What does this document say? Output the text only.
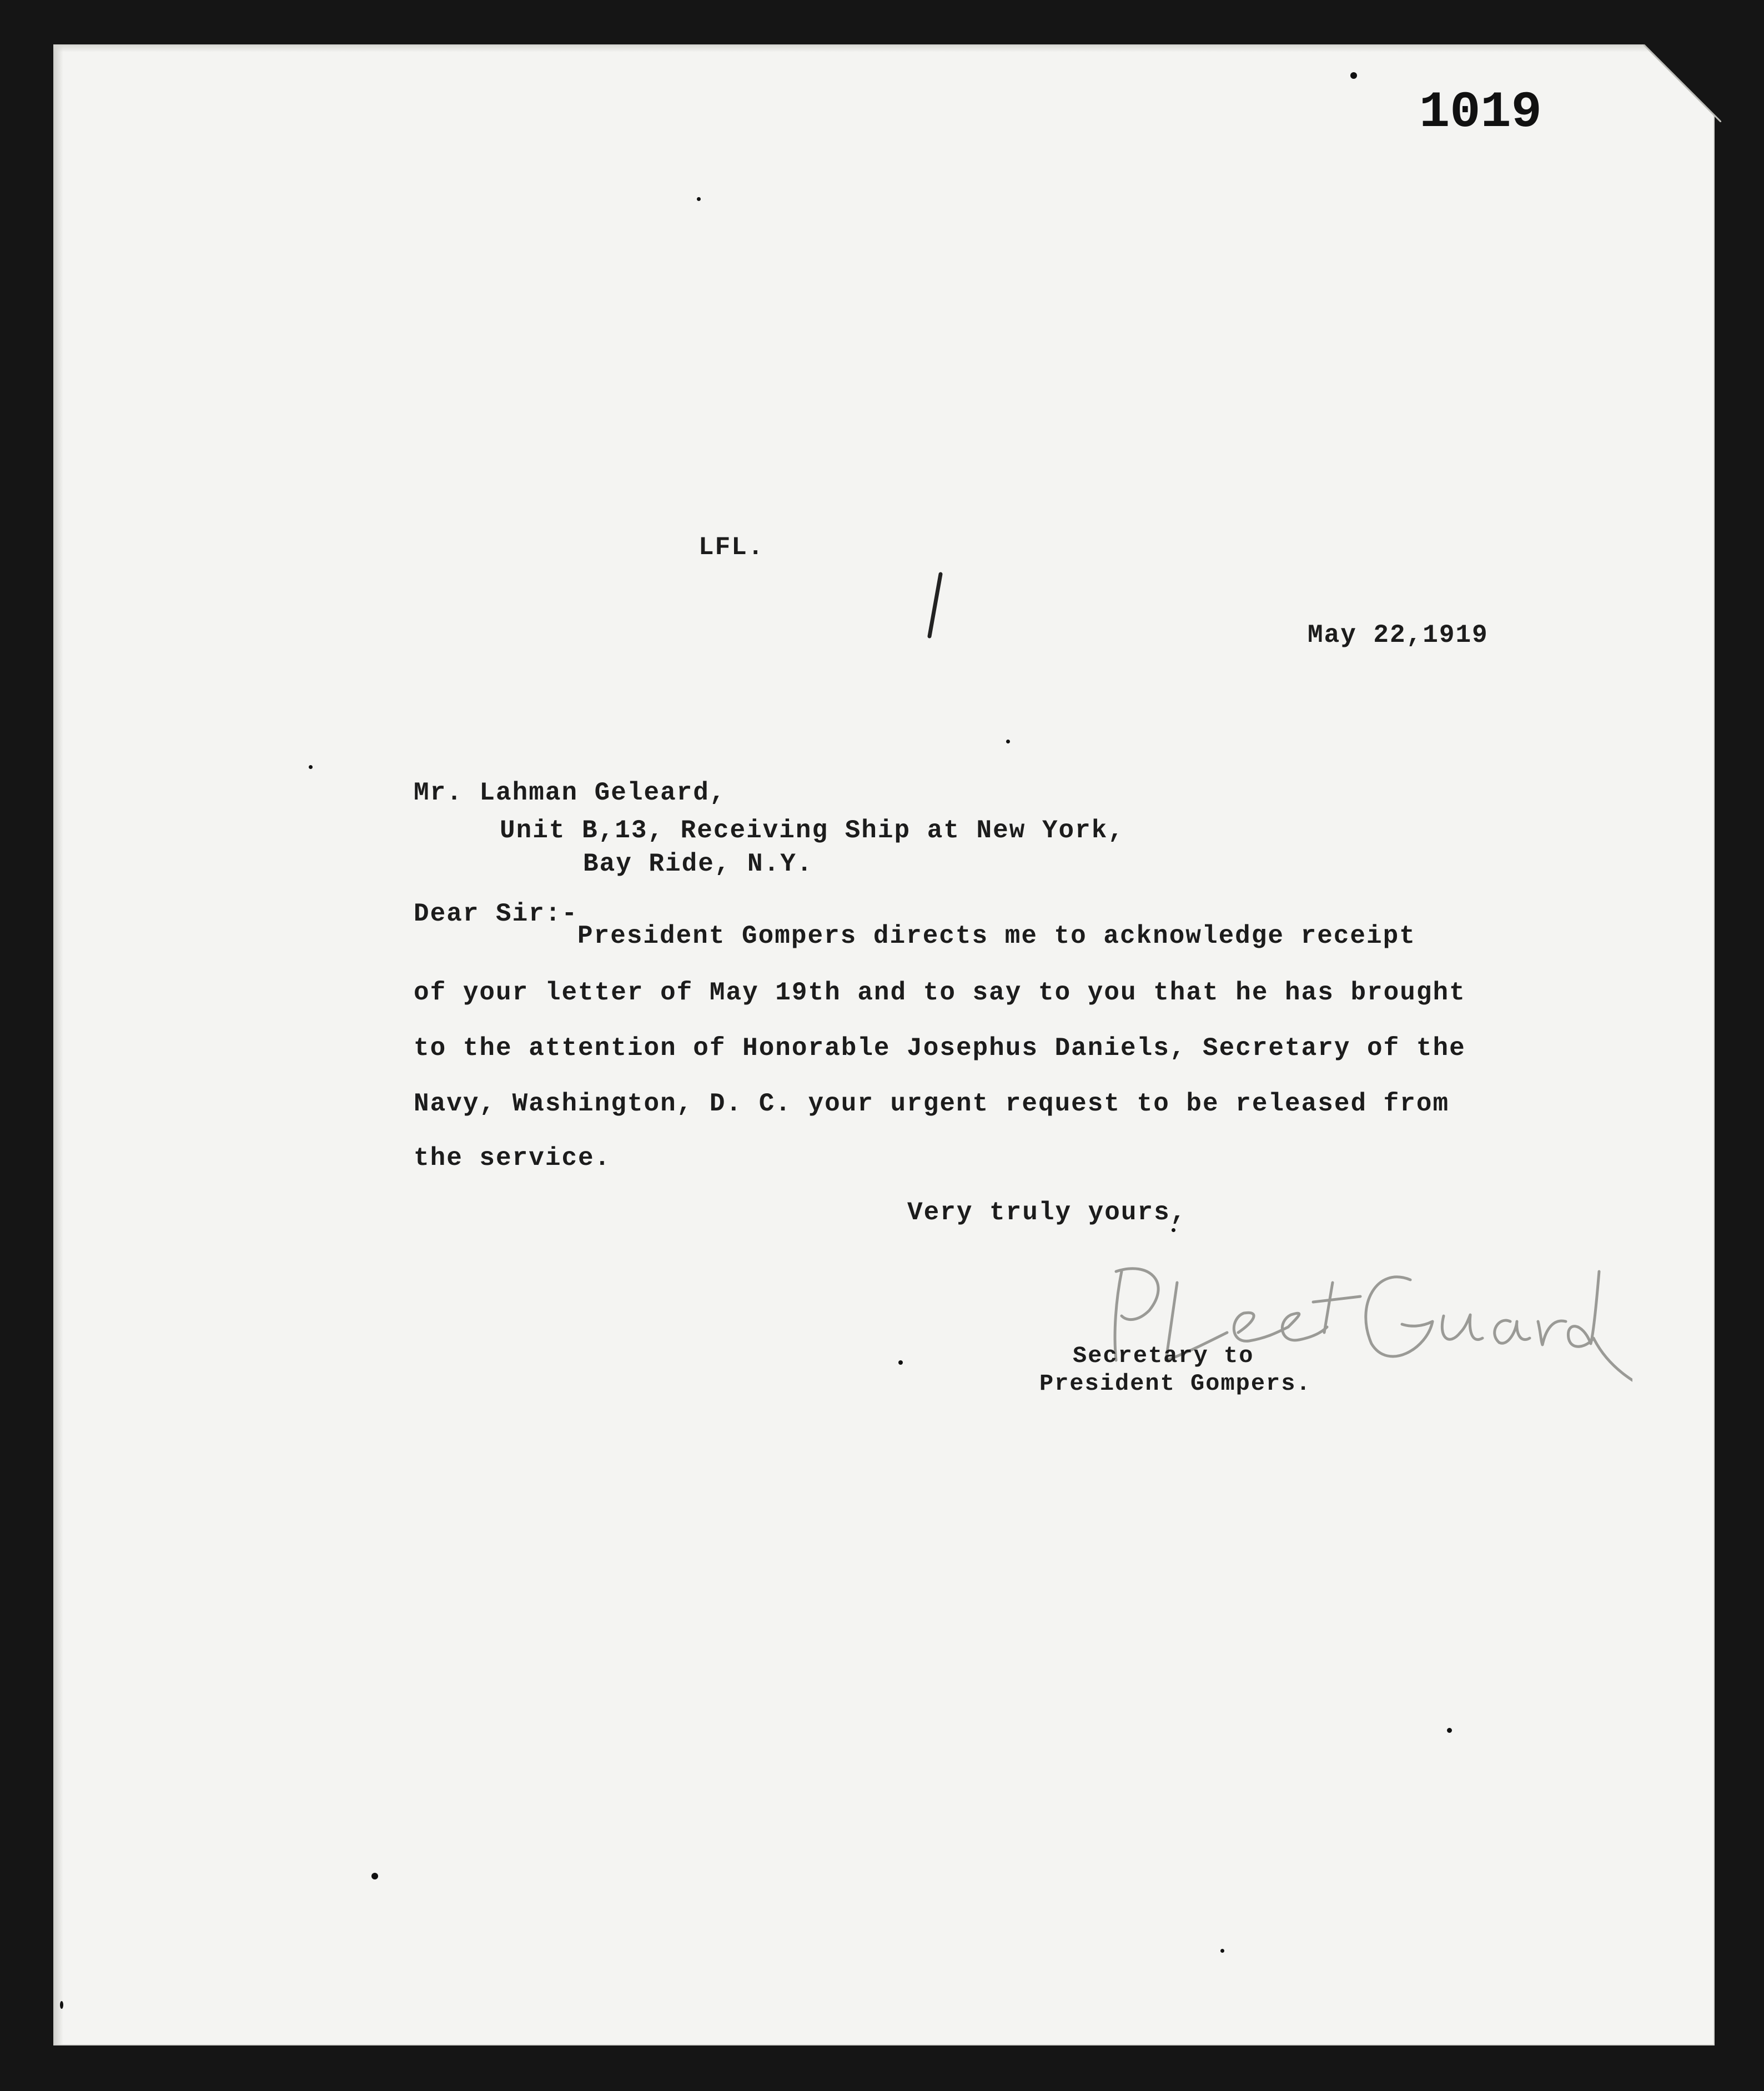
1019
LFL.
May 22,1919
Mr. Lahman Geleard,
Unit B,13, Receiving Ship at New York,
Bay Ride, N.Y.
Dear Sir:-
President Gompers directs me to acknowledge receipt
of your letter of May 19th and to say to you that he has brought
to the attention of Honorable Josephus Daniels, Secretary of the
Navy, Washington, D. C. your urgent request to be released from
the service.
Very truly yours,
Secretary to
President Gompers.
